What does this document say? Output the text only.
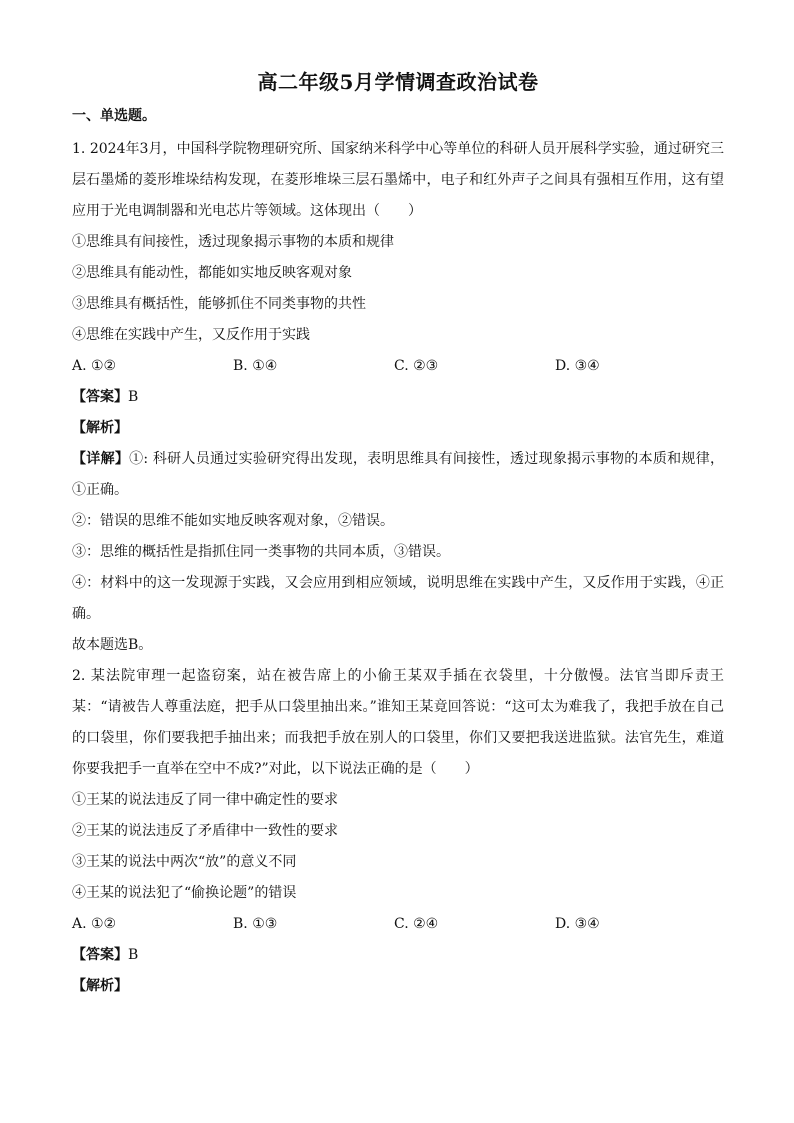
高二年级5月学情调查政治试卷
一、单选题。

1. 2024年3月，中国科学院物理研究所、国家纳米科学中心等单位的科研人员开展科学实验，通过研究三层石墨烯的菱形堆垛结构发现，在菱形堆垛三层石墨烯中，电子和红外声子之间具有强相互作用，这有望应用于光电调制器和光电芯片等领域。这体现出（　　）

①思维具有间接性，透过现象揭示事物的本质和规律

②思维具有能动性，都能如实地反映客观对象

③思维具有概括性，能够抓住不同类事物的共性

④思维在实践中产生，又反作用于实践

A. ①②	B. ①④	C. ②③	D. ③④
【答案】B
【解析】

【详解】①: 科研人员通过实验研究得出发现，表明思维具有间接性，透过现象揭示事物的本质和规律，①正确。

②：错误的思维不能如实地反映客观对象，②错误。

③：思维的概括性是指抓住同一类事物的共同本质，③错误。

④：材料中的这一发现源于实践，又会应用到相应领域，说明思维在实践中产生，又反作用于实践，④正确。

故本题选B。

2. 某法院审理一起盗窃案，站在被告席上的小偷王某双手插在衣袋里，十分傲慢。法官当即斥责王某：“请被告人尊重法庭，把手从口袋里抽出来。”谁知王某竟回答说：“这可太为难我了，我把手放在自己的口袋里，你们要我把手抽出来；而我把手放在别人的口袋里，你们又要把我送进监狱。法官先生，难道你要我把手一直举在空中不成?”对此，以下说法正确的是（　　）

①王某的说法违反了同一律中确定性的要求

②王某的说法违反了矛盾律中一致性的要求

③王某的说法中两次“放”的意义不同

④王某的说法犯了“偷换论题”的错误

A. ①②	B. ①③	C. ②④	D. ③④
【答案】B
【解析】
